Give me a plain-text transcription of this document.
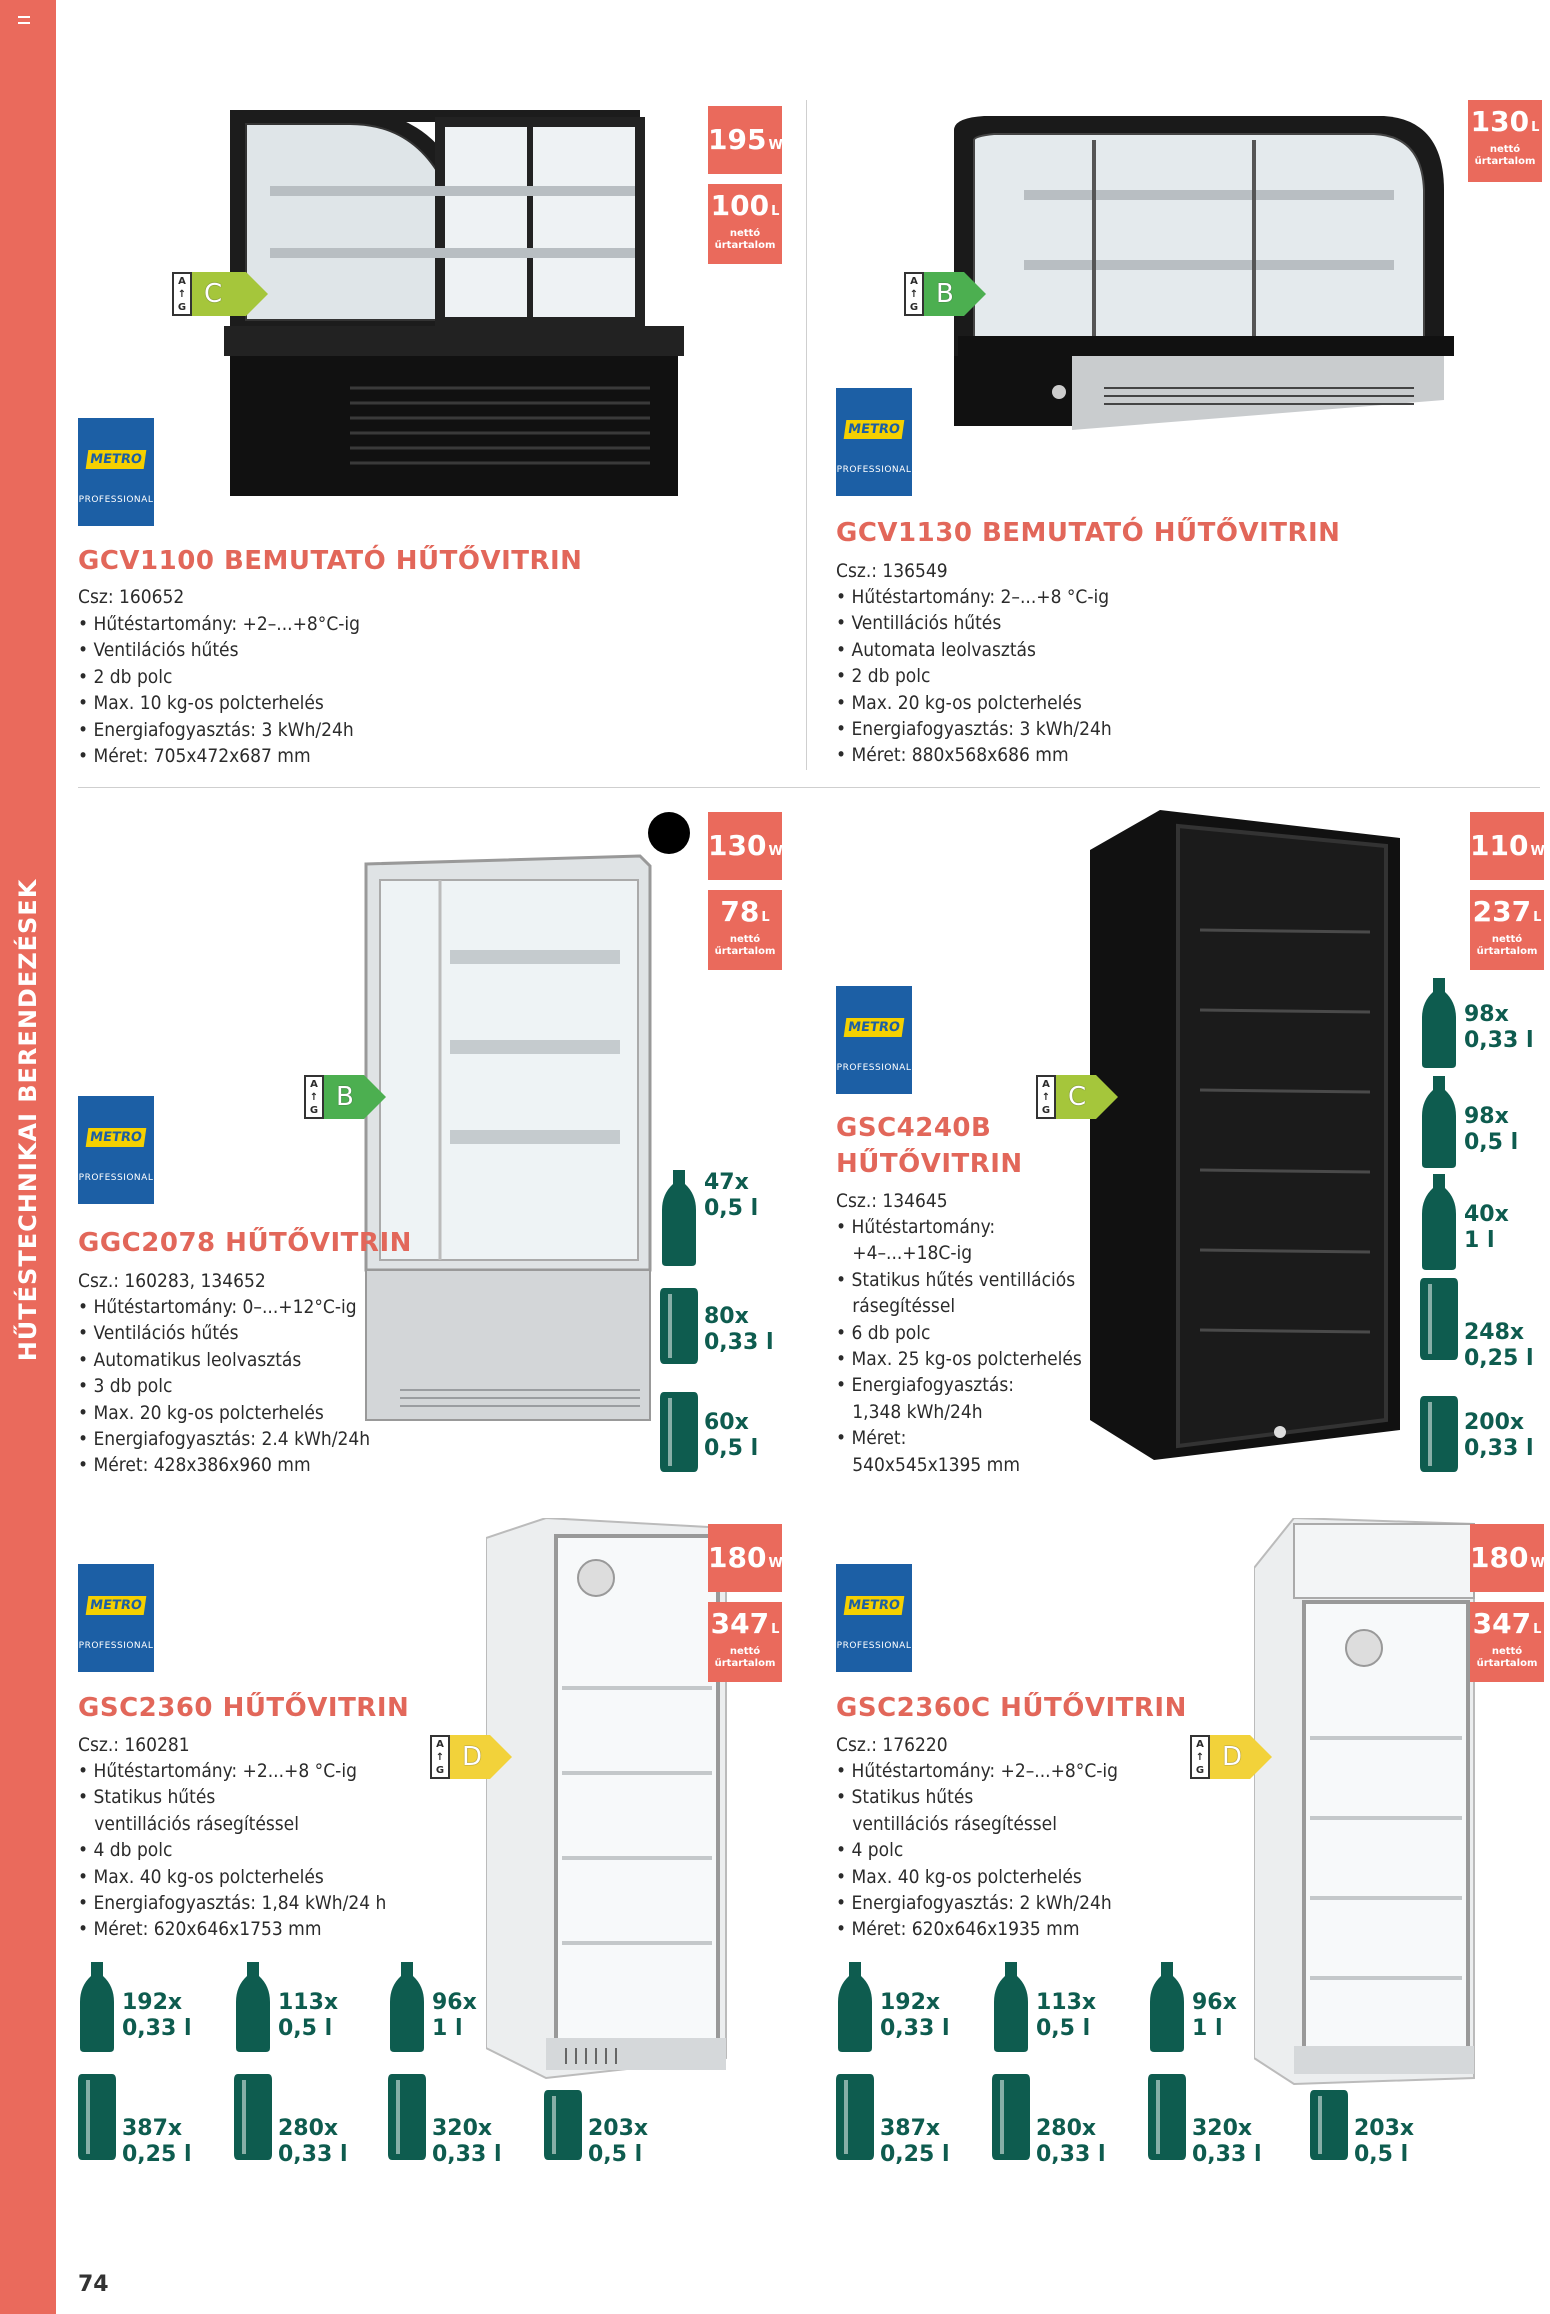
HŰTÉSTECHNIKAI BERENDEZÉSEK
195 W
100 L
nettó
űrtartalom
A
↑
G C
METRO
PROFESSIONAL
GCV1100 BEMUTATÓ HŰTŐVITRIN
Csz: 160652
• Hűtéstartomány: +2–...+8°C-ig
• Ventilációs hűtés
• 2 db polc
• Max. 10 kg-os polcterhelés
• Energiafogyasztás: 3 kWh/24h
• Méret: 705x472x687 mm
130 L
nettó
űrtartalom
A
↑
G B
METRO
PROFESSIONAL
GCV1130 BEMUTATÓ HŰTŐVITRIN
Csz.: 136549
• Hűtéstartomány: 2–...+8 °C-ig
• Ventillációs hűtés
• Automata leolvasztás
• 2 db polc
• Max. 20 kg-os polcterhelés
• Energiafogyasztás: 3 kWh/24h
• Méret: 880x568x686 mm
130 W
78 L
nettó
űrtartalom
A
↑
G B
METRO
PROFESSIONAL
GGC2078 HŰTŐVITRIN
Csz.: 160283, 134652
• Hűtéstartomány: 0–...+12°C-ig
• Ventilációs hűtés
• Automatikus leolvasztás
• 3 db polc
• Max. 20 kg-os polcterhelés
• Energiafogyasztás: 2.4 kWh/24h
• Méret: 428x386x960 mm
47x
0,5 l
80x
0,33 l
60x
0,5 l
110 W
237 L
nettó
űrtartalom
A
↑
G C
METRO
PROFESSIONAL
GSC4240B
HŰTŐVITRIN
Csz.: 134645
• Hűtéstartomány:
+4–...+18C-ig
• Statikus hűtés ventillációs
rásegítéssel
• 6 db polc
• Max. 25 kg-os polcterhelés
• Energiafogyasztás:
1,348 kWh/24h
• Méret:
540x545x1395 mm
98x
0,33 l
98x
0,5 l
40x
1 l
248x
0,25 l
200x
0,33 l
180 W
347 L
nettó
űrtartalom
A
↑
G D
METRO
PROFESSIONAL
GSC2360 HŰTŐVITRIN
Csz.: 160281
• Hűtéstartomány: +2...+8 °C-ig
• Statikus hűtés
ventillációs rásegítéssel
• 4 db polc
• Max. 40 kg-os polcterhelés
• Energiafogyasztás: 1,84 kWh/24 h
• Méret: 620x646x1753 mm
192x
0,33 l
113x
0,5 l
96x
1 l
387x
0,25 l
280x
0,33 l
320x
0,33 l
203x
0,5 l
180 W
347 L
nettó
űrtartalom
A
↑
G D
METRO
PROFESSIONAL
GSC2360C HŰTŐVITRIN
Csz.: 176220
• Hűtéstartomány: +2–...+8°C-ig
• Statikus hűtés
ventillációs rásegítéssel
• 4 polc
• Max. 40 kg-os polcterhelés
• Energiafogyasztás: 2 kWh/24h
• Méret: 620x646x1935 mm
192x
0,33 l
113x
0,5 l
96x
1 l
387x
0,25 l
280x
0,33 l
320x
0,33 l
203x
0,5 l
74
